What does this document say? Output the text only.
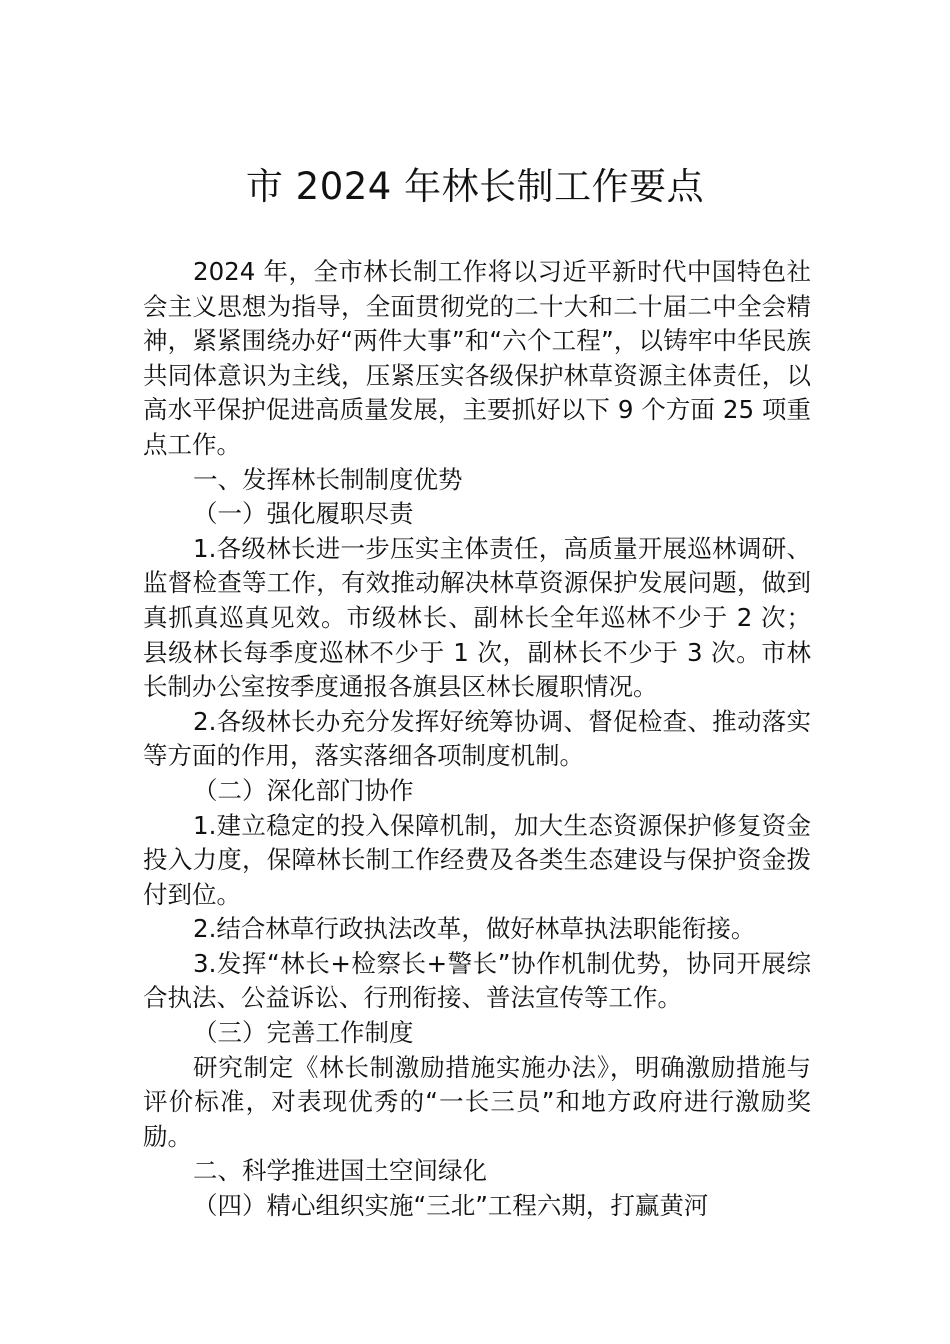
市 2024 年林长制工作要点

2024 年，全市林长制工作将以习近平新时代中国特色社会主义思想为指导，全面贯彻党的二十大和二十届二中全会精神，紧紧围绕办好“两件大事”和“六个工程”，以铸牢中华民族共同体意识为主线，压紧压实各级保护林草资源主体责任，以高水平保护促进高质量发展，主要抓好以下 9 个方面 25 项重点工作。

一、发挥林长制制度优势

（一）强化履职尽责

1.各级林长进一步压实主体责任，高质量开展巡林调研、监督检查等工作，有效推动解决林草资源保护发展问题，做到真抓真巡真见效。市级林长、副林长全年巡林不少于 2 次；县级林长每季度巡林不少于 1 次，副林长不少于 3 次。市林长制办公室按季度通报各旗县区林长履职情况。

2.各级林长办充分发挥好统筹协调、督促检查、推动落实等方面的作用，落实落细各项制度机制。

（二）深化部门协作

1.建立稳定的投入保障机制，加大生态资源保护修复资金投入力度，保障林长制工作经费及各类生态建设与保护资金拨付到位。

2.结合林草行政执法改革，做好林草执法职能衔接。

3.发挥“林长+检察长+警长”协作机制优势，协同开展综合执法、公益诉讼、行刑衔接、普法宣传等工作。

（三）完善工作制度

研究制定《林长制激励措施实施办法》，明确激励措施与评价标准，对表现优秀的“一长三员”和地方政府进行激励奖励。

二、科学推进国土空间绿化

（四）精心组织实施“三北”工程六期，打赢黄河
